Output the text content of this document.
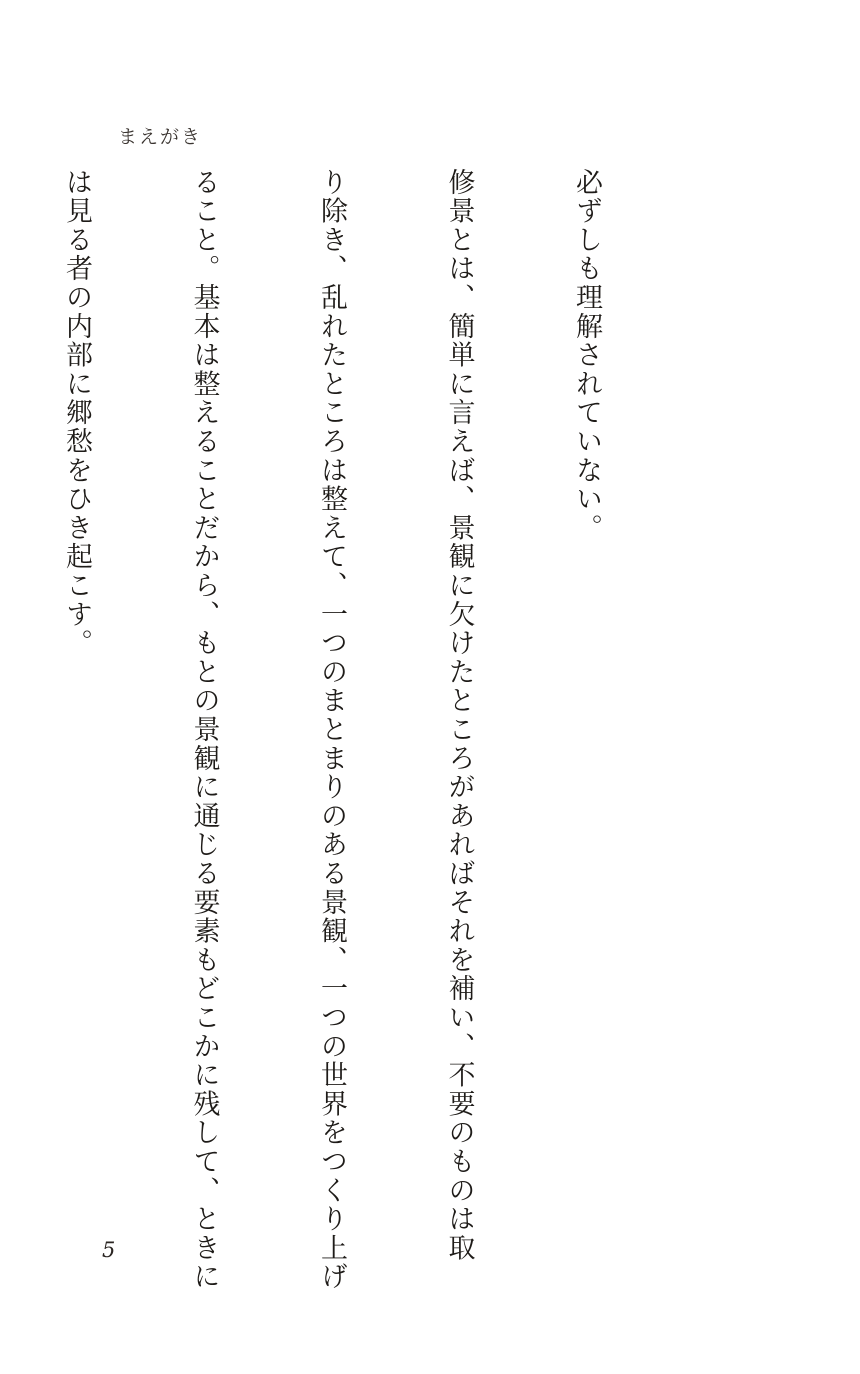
まえがき

必ずしも理解されていない。

修景とは、簡単に言えば、景観に欠けたところがあればそれを補い、不要のものは取

り除き、乱れたところは整えて、一つのまとまりのある景観、一つの世界をつくり上げ

ること。基本は整えることだから、もとの景観に通じる要素もどこかに残して、ときに

は見る者の内部に郷愁をひき起こす。

5
